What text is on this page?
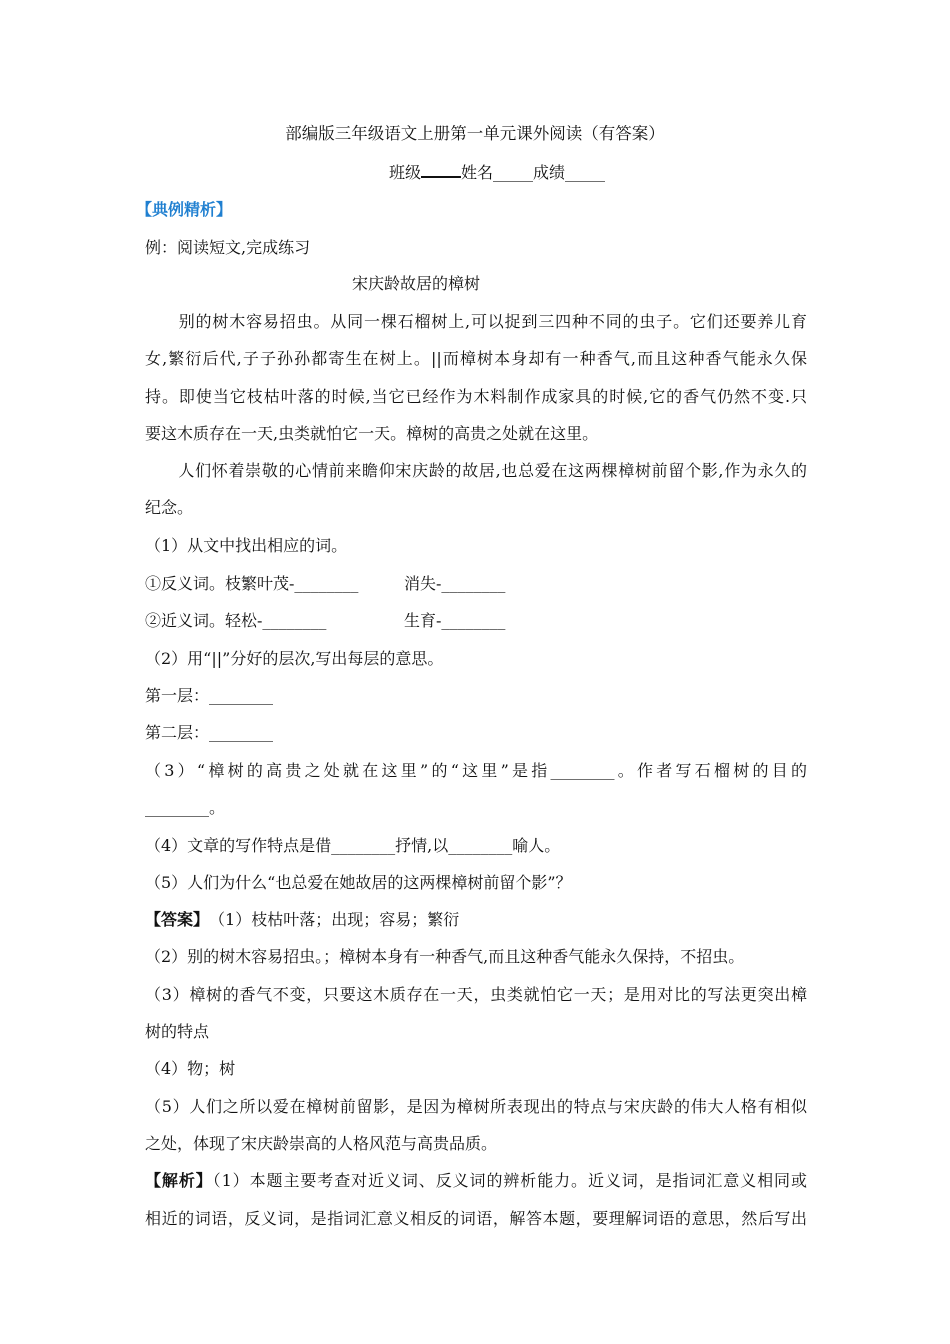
部编版三年级语文上册第一单元课外阅读（有答案）
班级	姓名_____成绩_____
【典例精析】
例：阅读短文,完成练习
宋庆龄故居的樟树
　　别的树木容易招虫。从同一棵石榴树上,可以捉到三四种不同的虫子。它们还要养儿育
女,繁衍后代,子子孙孙都寄生在树上。||而樟树本身却有一种香气,而且这种香气能永久保
持。即使当它枝枯叶落的时候,当它已经作为木料制作成家具的时候,它的香气仍然不变.只
要这木质存在一天,虫类就怕它一天。樟树的高贵之处就在这里。
　　人们怀着崇敬的心情前来瞻仰宋庆龄的故居,也总爱在这两棵樟树前留个影,作为永久的
纪念。
（1）从文中找出相应的词。
①反义词。枝繁叶茂-________	消失-________
②近义词。轻松-________	生育-________
（2）用“||”分好的层次,写出每层的意思。
第一层：________
第二层：________
（3）“樟树的高贵之处就在这里”的“这里”是指________。作者写石榴树的目的
________。
（4）文章的写作特点是借________抒情,以________喻人。
（5）人们为什么“也总爱在她故居的这两棵樟树前留个影”？
【答案】　（1）枝枯叶落；出现；容易；繁衍
（2）别的树木容易招虫。；樟树本身有一种香气,而且这种香气能永久保持，不招虫。
（3）樟树的香气不变，只要这木质存在一天，虫类就怕它一天；是用对比的写法更突出樟
树的特点
（4）物；树
（5）人们之所以爱在樟树前留影，是因为樟树所表现出的特点与宋庆龄的伟大人格有相似
之处，体现了宋庆龄崇高的人格风范与高贵品质。
【解析】（1）本题主要考查对近义词、反义词的辨析能力。近义词，是指词汇意义相同或
相近的词语，反义词，是指词汇意义相反的词语，解答本题，要理解词语的意思，然后写出
